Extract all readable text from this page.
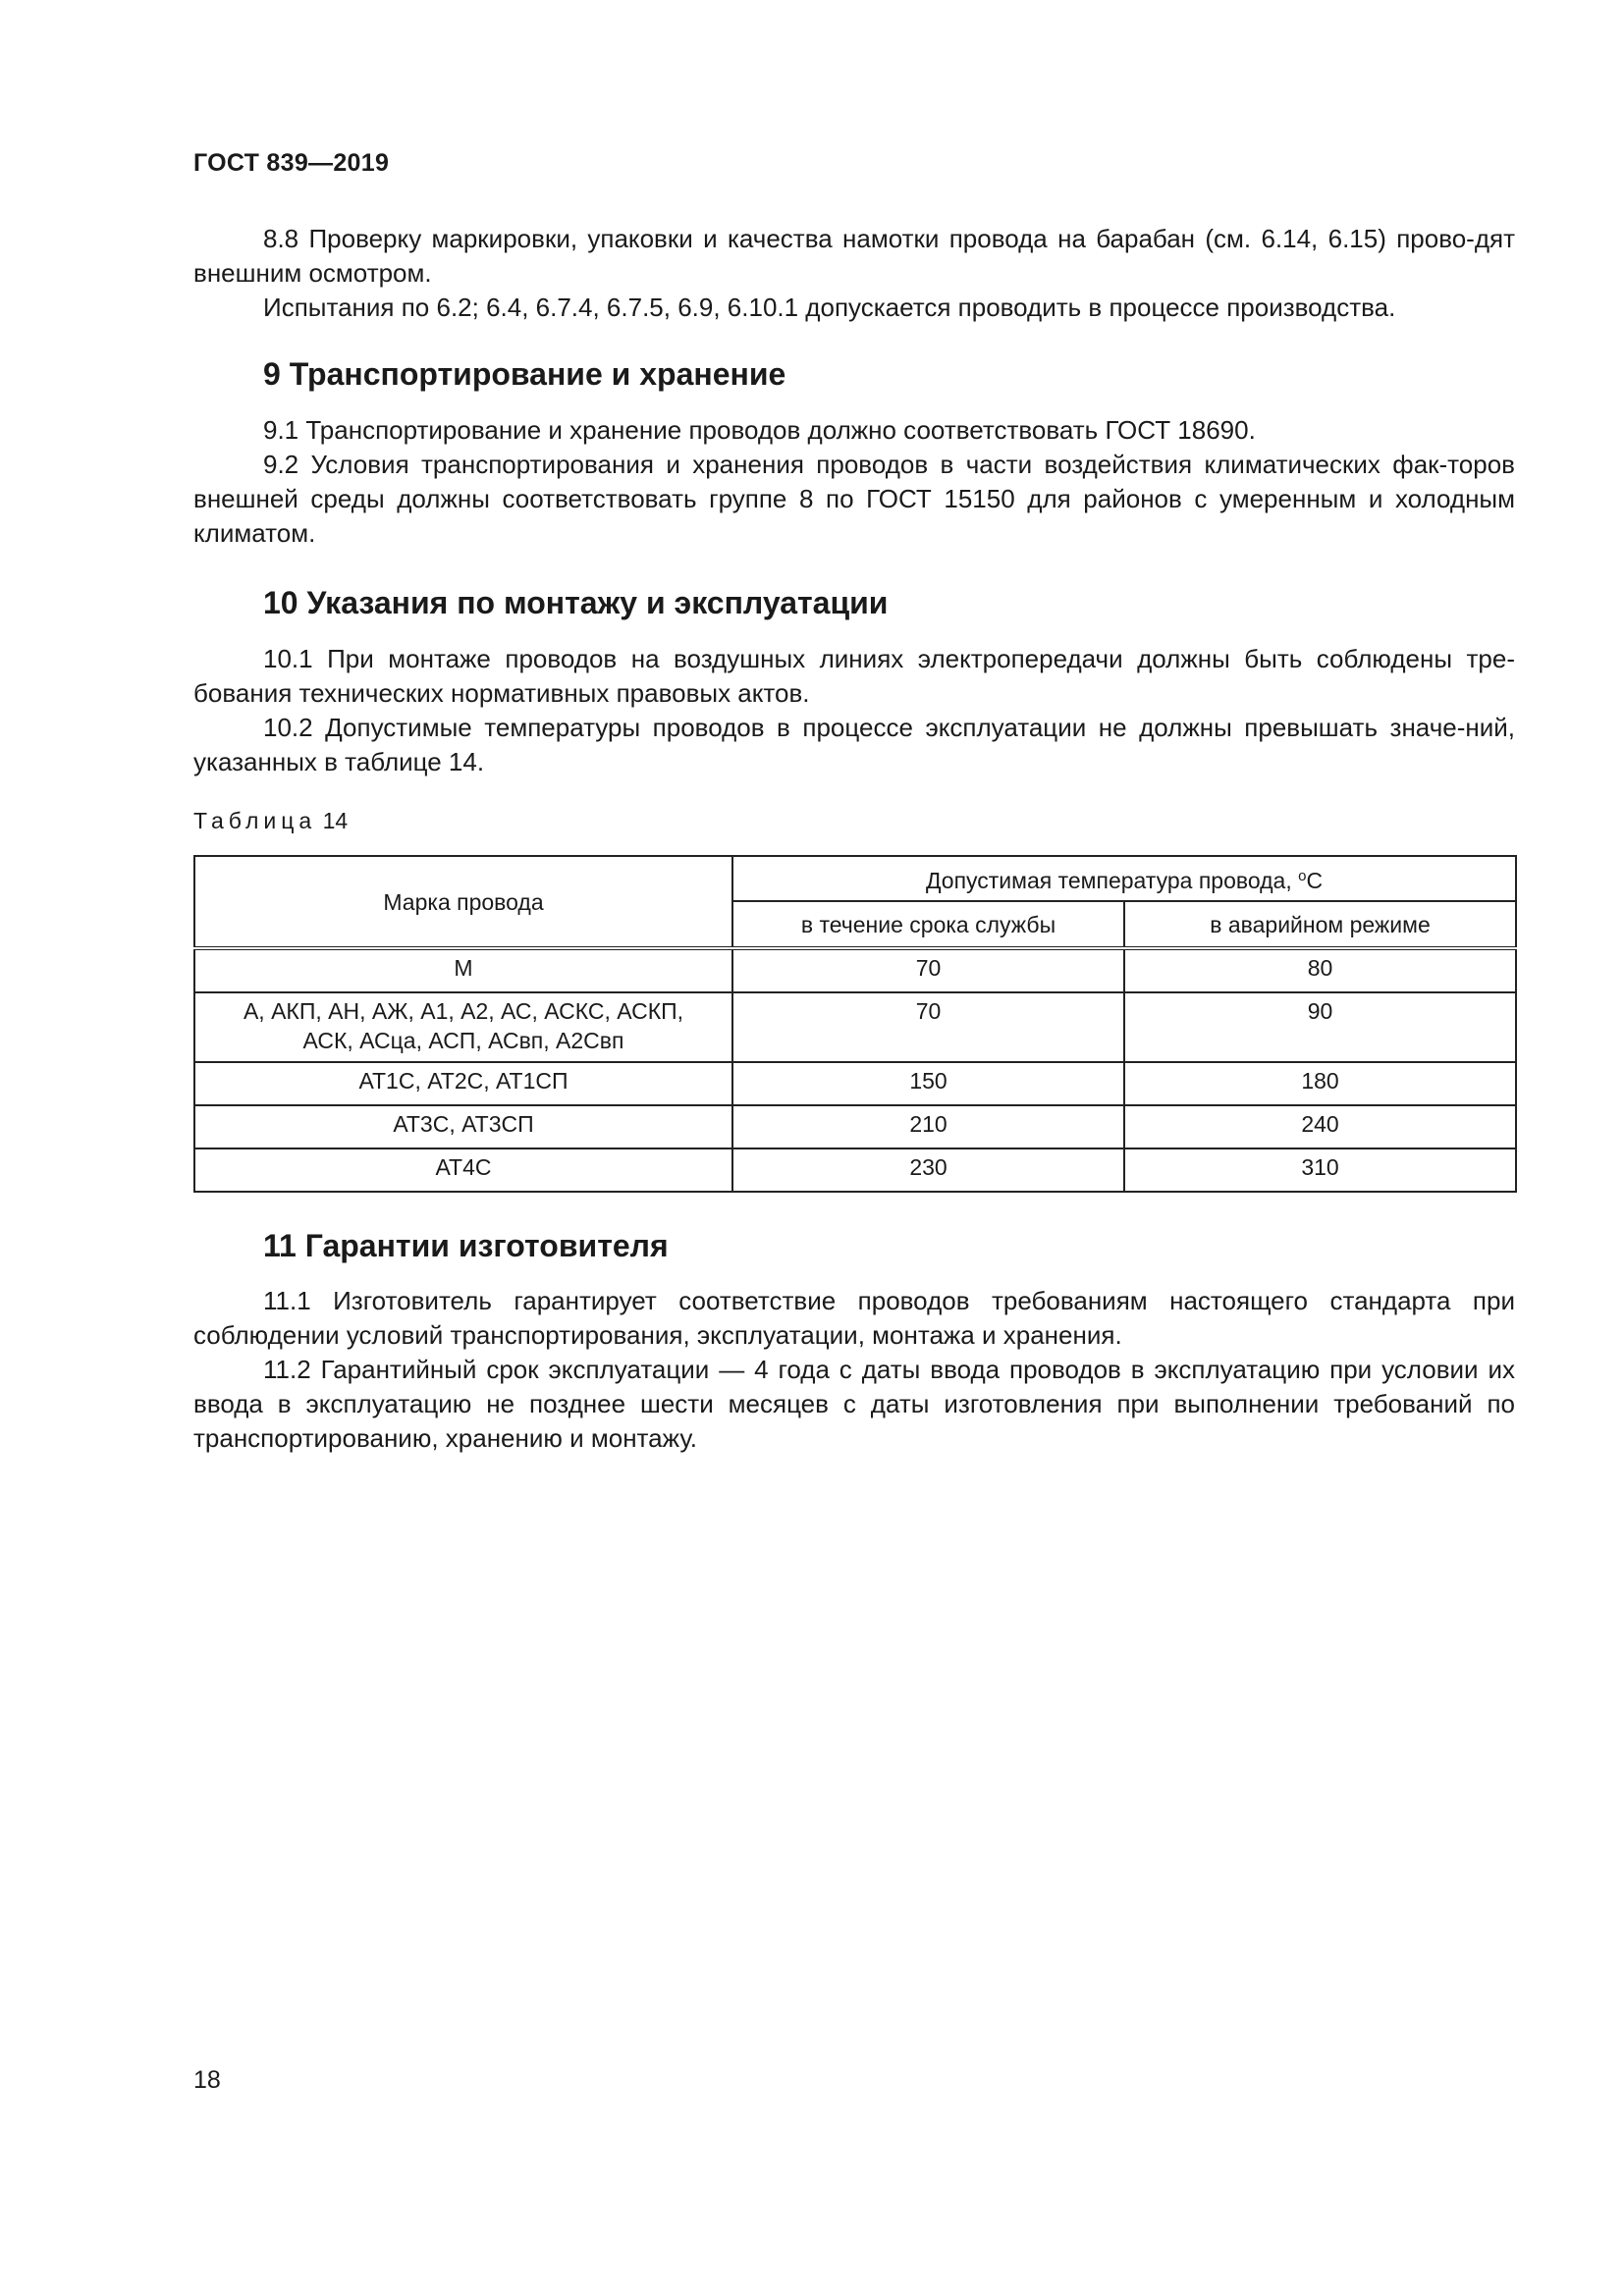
ГОСТ 839—2019

8.8 Проверку маркировки, упаковки и качества намотки провода на барабан (см. 6.14, 6.15) прово-дят внешним осмотром.

Испытания по 6.2; 6.4, 6.7.4, 6.7.5, 6.9, 6.10.1 допускается проводить в процессе производства.

9 Транспортирование и хранение

9.1 Транспортирование и хранение проводов должно соответствовать ГОСТ 18690.

9.2 Условия транспортирования и хранения проводов в части воздействия климатических фак-торов внешней среды должны соответствовать группе 8 по ГОСТ 15150 для районов с умеренным и холодным климатом.

10 Указания по монтажу и эксплуатации

10.1 При монтаже проводов на воздушных линиях электропередачи должны быть соблюдены тре-бования технических нормативных правовых актов.

10.2 Допустимые температуры проводов в процессе эксплуатации не должны превышать значе-ний, указанных в таблице 14.

Таблица 14
Марка провода	Допустимая температура провода, $^о$С	
	в течение срока службы	в аварийном режиме
М	70	80

А, АКП, АН, АЖ, А1, А2, АС, АСКС, АСКП,
АСК, АСца, АСП, АСвп, А2Свп	70	90
АТ1С, АТ2С, АТ1СП	150	180
АТ3С, АТ3СП	210	240
АТ4С	230	310
11 Гарантии изготовителя

11.1 Изготовитель гарантирует соответствие проводов требованиям настоящего стандарта при соблюдении условий транспортирования, эксплуатации, монтажа и хранения.

11.2 Гарантийный срок эксплуатации — 4 года с даты ввода проводов в эксплуатацию при условии их ввода в эксплуатацию не позднее шести месяцев с даты изготовления при выполнении требований по транспортированию, хранению и монтажу.

18
